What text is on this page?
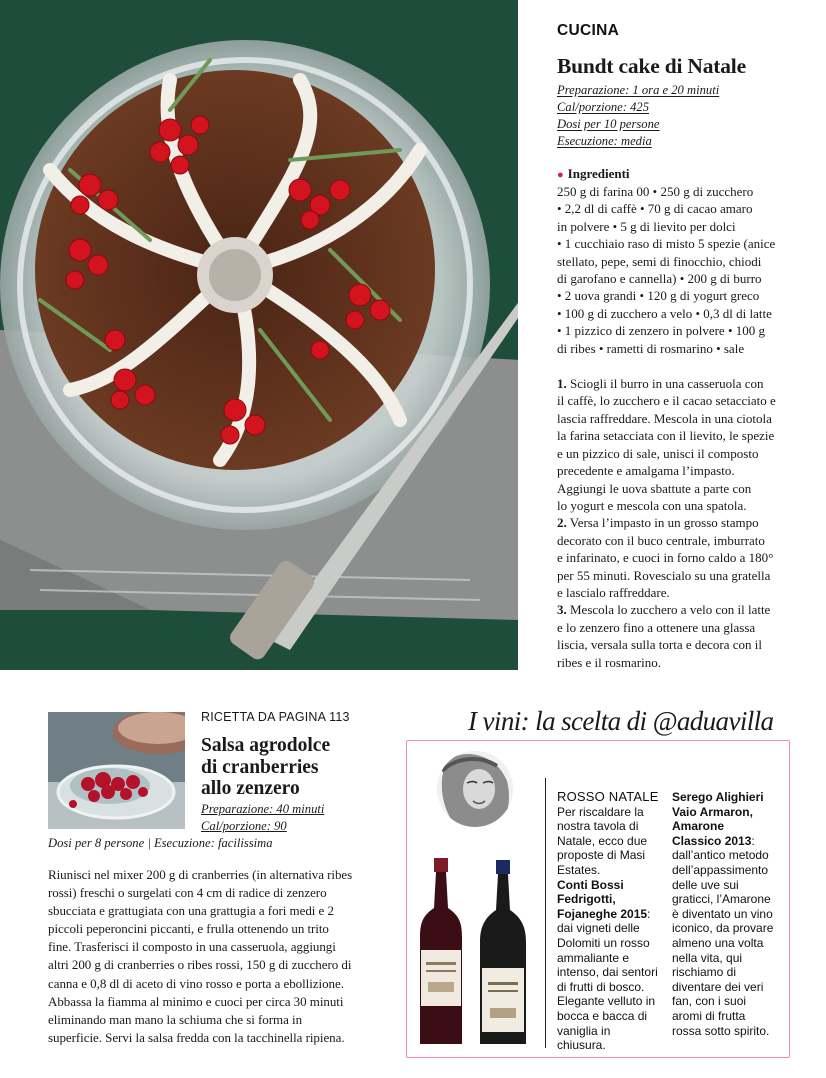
CUCINA
Bundt cake di Natale
Preparazione: 1 ora e 20 minuti
Cal/porzione: 425
Dosi per 10 persone
Esecuzione: media
● Ingredienti
250 g di farina 00 • 250 g di zucchero
• 2,2 dl di caffè • 70 g di cacao amaro
in polvere • 5 g di lievito per dolci
• 1 cucchiaio raso di misto 5 spezie (anice
stellato, pepe, semi di finocchio, chiodi
di garofano e cannella) • 200 g di burro
• 2 uova grandi • 120 g di yogurt greco
• 100 g di zucchero a velo • 0,3 dl di latte
• 1 pizzico di zenzero in polvere • 100 g
di ribes • rametti di rosmarino • sale
1. Sciogli il burro in una casseruola con
il caffè, lo zucchero e il cacao setacciato e
lascia raffreddare. Mescola in una ciotola
la farina setacciata con il lievito, le spezie
e un pizzico di sale, unisci il composto
precedente e amalgama l’impasto.
Aggiungi le uova sbattute a parte con
lo yogurt e mescola con una spatola.
2. Versa l’impasto in un grosso stampo
decorato con il buco centrale, imburrato
e infarinato, e cuoci in forno caldo a 180°
per 55 minuti. Rovescialo su una gratella
e lascialo raffreddare.
3. Mescola lo zucchero a velo con il latte
e lo zenzero fino a ottenere una glassa
liscia, versala sulla torta e decora con il
ribes e il rosmarino.
RICETTA DA PAGINA 113
Salsa agrodolce
di cranberries
allo zenzero
Preparazione: 40 minuti
Cal/porzione: 90
Dosi per 8 persone | Esecuzione: facilissima
Riunisci nel mixer 200 g di cranberries (in alternativa ribes
rossi) freschi o surgelati con 4 cm di radice di zenzero
sbucciata e grattugiata con una grattugia a fori medi e 2
piccoli peperoncini piccanti, e frulla ottenendo un trito
fine. Trasferisci il composto in una casseruola, aggiungi
altri 200 g di cranberries o ribes rossi, 150 g di zucchero di
canna e 0,8 dl di aceto di vino rosso e porta a ebollizione.
Abbassa la fiamma al minimo e cuoci per circa 30 minuti
eliminando man mano la schiuma che si forma in
superficie. Servi la salsa fredda con la tacchinella ripiena.
I vini: la scelta di @aduavilla
ROSSO NATALE
Per riscaldare la
nostra tavola di
Natale, ecco due
proposte di Masi
Estates.
Conti Bossi
Fedrigotti,
Fojaneghe 2015:
dai vigneti delle
Dolomiti un rosso
ammaliante e
intenso, dai sentori
di frutti di bosco.
Elegante velluto in
bocca e bacca di
vaniglia in chiusura.
Serego Alighieri
Vaio Armaron,
Amarone
Classico 2013:
dall’antico metodo
dell’appassimento
delle uve sui
graticci, l’Amarone
è diventato un vino
iconico, da provare
almeno una volta
nella vita, qui
rischiamo di
diventare dei veri
fan, con i suoi
aromi di frutta
rossa sotto spirito.
